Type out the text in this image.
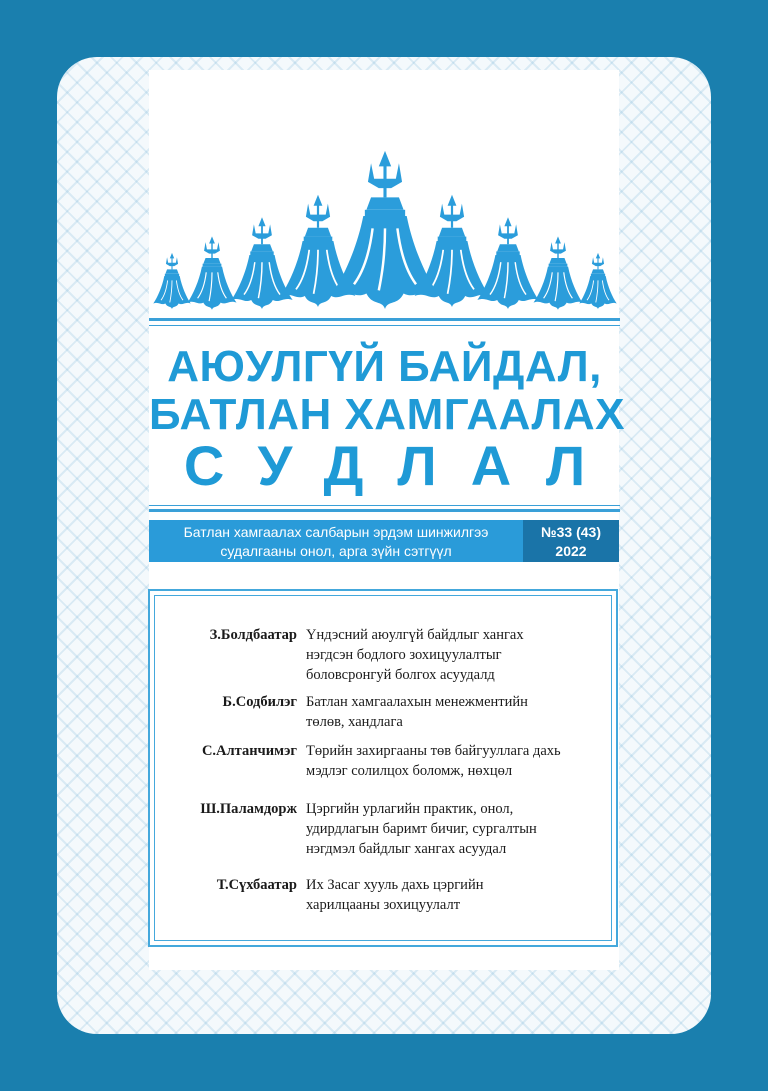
АЮУЛГҮЙ БАЙДАЛ,
БАТЛАН ХАМГААЛАХ
СУДЛАЛ
Батлан хамгаалах салбарын эрдэм шинжилгээ
судалгааны онол, арга зүйн сэтгүүл
№33 (43)
2022
З.Болдбаатар Үндэсний аюулгүй байдлыг хангах
нэгдсэн бодлого зохицуулалтыг
боловсронгуй болгох асуудалд
Б.Содбилэг Батлан хамгаалахын менежментийн
төлөв, хандлага
С.Алтанчимэг Төрийн захиргааны төв байгууллага дахь
мэдлэг солилцох боломж, нөхцөл
Ш.Паламдорж Цэргийн урлагийн практик, онол,
удирдлагын баримт бичиг, сургалтын
нэгдмэл байдлыг хангах асуудал
Т.Сүхбаатар Их Засаг хууль дахь цэргийн
харилцааны зохицуулалт
